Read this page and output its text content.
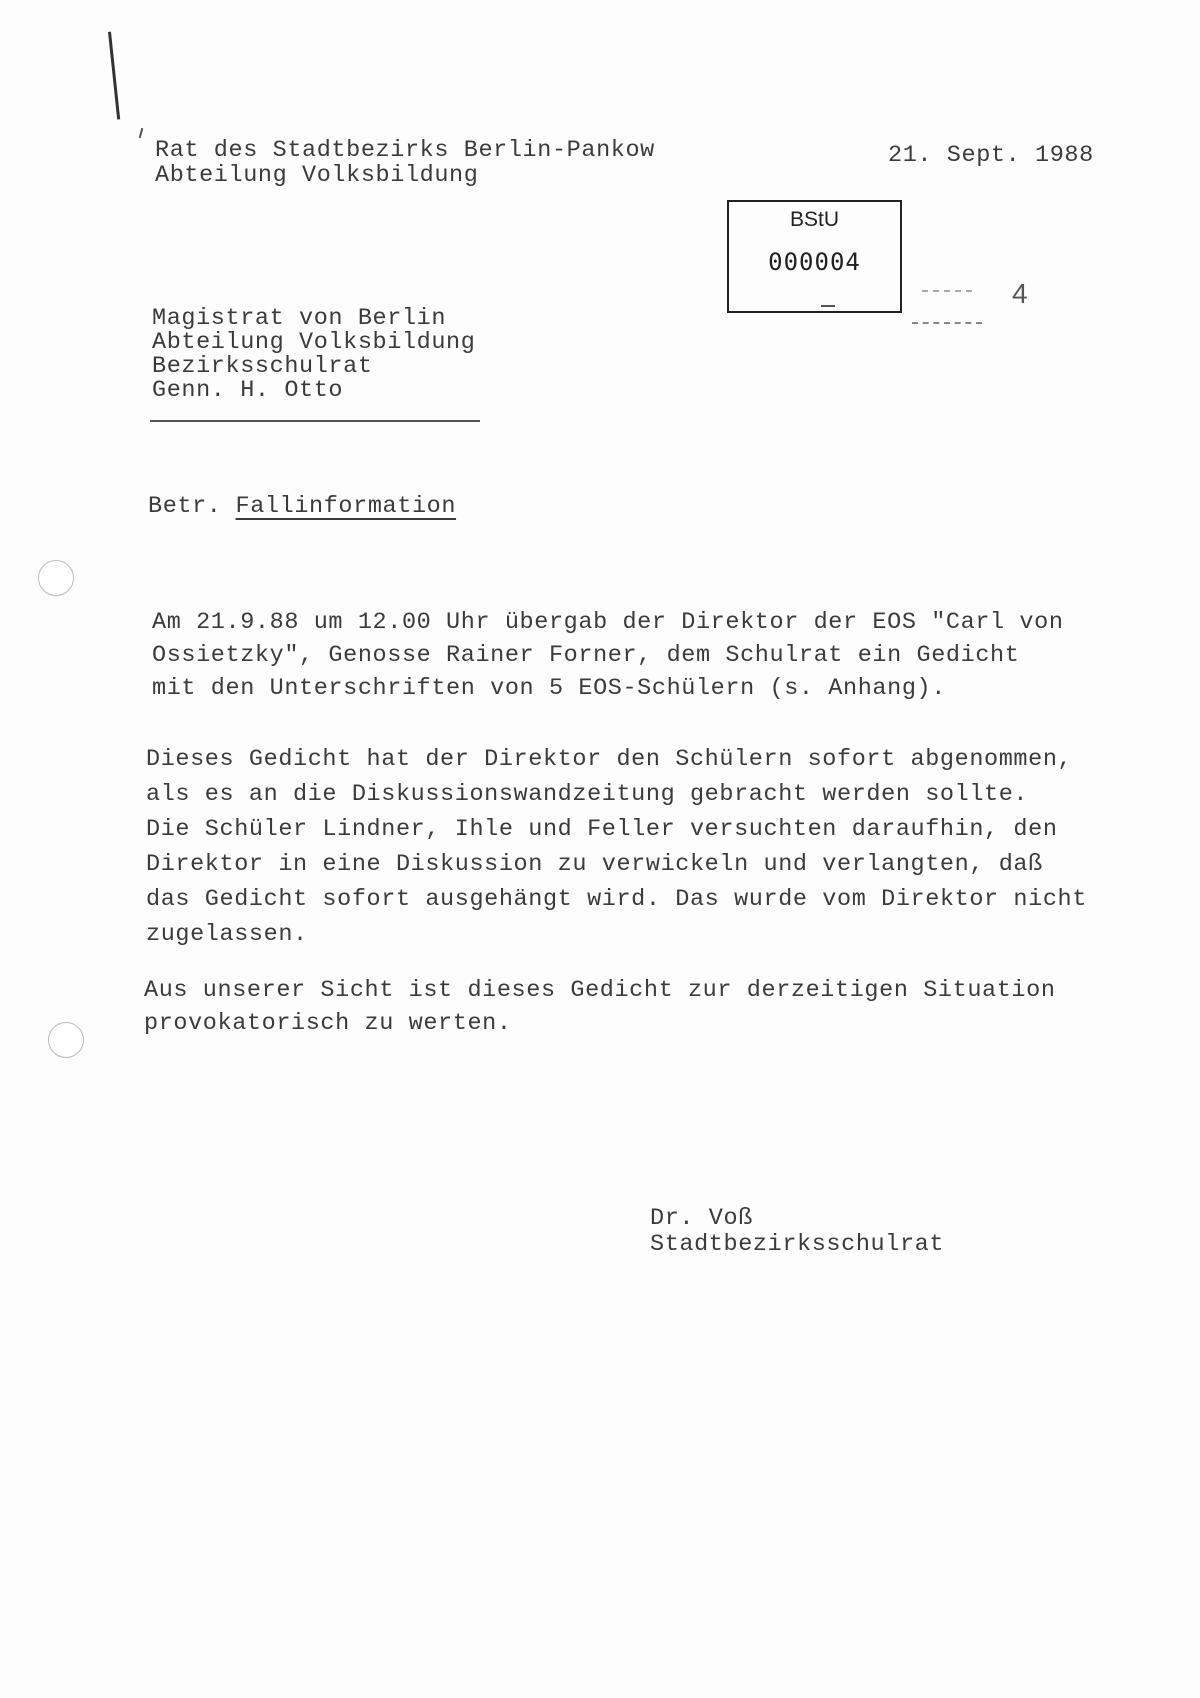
Rat des Stadtbezirks Berlin-Pankow
Abteilung Volksbildung
21. Sept. 1988
BStU
000004
4
Magistrat von Berlin
Abteilung Volksbildung
Bezirksschulrat
Genn. H. Otto
Betr. Fallinformation
Am 21.9.88 um 12.00 Uhr übergab der Direktor der EOS "Carl von
Ossietzky", Genosse Rainer Forner, dem Schulrat ein Gedicht
mit den Unterschriften von 5 EOS-Schülern (s. Anhang).
Dieses Gedicht hat der Direktor den Schülern sofort abgenommen,
als es an die Diskussionswandzeitung gebracht werden sollte.
Die Schüler Lindner, Ihle und Feller versuchten daraufhin, den
Direktor in eine Diskussion zu verwickeln und verlangten, daß
das Gedicht sofort ausgehängt wird. Das wurde vom Direktor nicht
zugelassen.
Aus unserer Sicht ist dieses Gedicht zur derzeitigen Situation
provokatorisch zu werten.
Dr. Voß
Stadtbezirksschulrat
